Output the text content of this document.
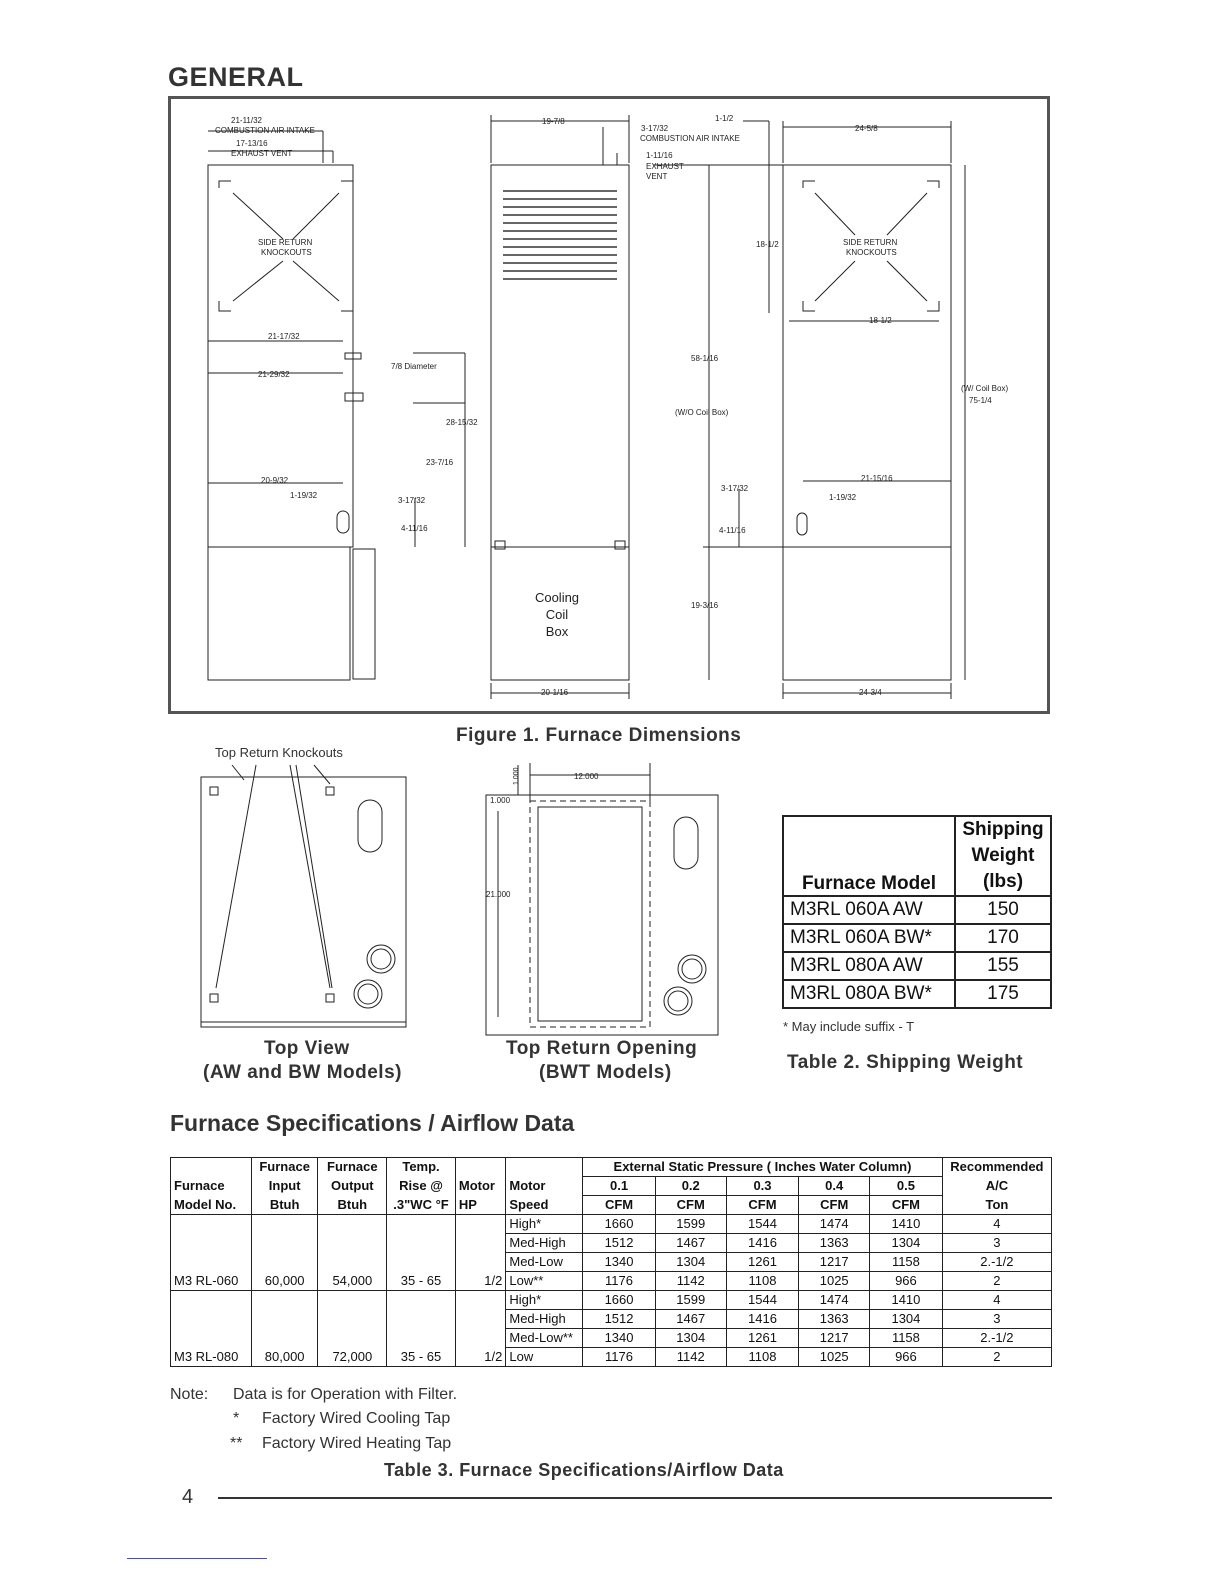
GENERAL
21-11/32
COMBUSTION AIR INTAKE
17-13/16
EXHAUST VENT
SIDE RETURN
KNOCKOUTS
21-17/32
21-29/32
7/8 Diameter
28-15/32
23-7/16
20-9/32
1-19/32
3-17/32
4-11/16
19-7/8	1-1/2
3-17/32
COMBUSTION AIR INTAKE
1-11/16
EXHAUST
VENT
18-1/2
58-1/16
(W/O Coil Box)
3-17/32
4-11/16
19-3/16
Cooling
Coil
Box
20-1/16
24-5/8
SIDE RETURN
KNOCKOUTS
18-1/2
(W/ Coil Box)
75-1/4
21-15/16
1-19/32
24-3/4
Figure 1. Furnace Dimensions
Top Return Knockouts
Top View
(AW and BW Models)
12.000
1.000
1.000
21.000
Top Return Opening
(BWT Models)
Furnace Model	Shipping
Weight
(lbs)

M3RL 060A AW	150
M3RL 060A BW*	170
M3RL 080A AW	155
M3RL 080A BW*	175
* May include suffix - T
Table 2. Shipping Weight
Furnace Specifications / Airflow Data
	Furnace	Furnace	Temp.			External Static Pressure ( Inches Water Column)					Recommended
Furnace	Input	Output	Rise @	Motor	Motor	0.1	0.2	0.3	0.4	0.5	A/C
Model No.	Btuh	Btuh	.3"WC °F	HP	Speed	CFM	CFM	CFM	CFM	CFM	Ton
					High*	1660	1599	1544	1474	1410	4
					Med-High	1512	1467	1416	1363	1304	3
					Med-Low	1340	1304	1261	1217	1158	2.-1/2
M3 RL-060	60,000	54,000	35 - 65	1/2	Low**	1176	1142	1108	1025	966	2
					High*	1660	1599	1544	1474	1410	4
					Med-High	1512	1467	1416	1363	1304	3
					Med-Low**	1340	1304	1261	1217	1158	2.-1/2
M3 RL-080	80,000	72,000	35 - 65	1/2	Low	1176	1142	1108	1025	966	2
Note: Data is for Operation with Filter.
* Factory Wired Cooling Tap
** Factory Wired Heating Tap
Table 3. Furnace Specifications/Airflow Data
4
